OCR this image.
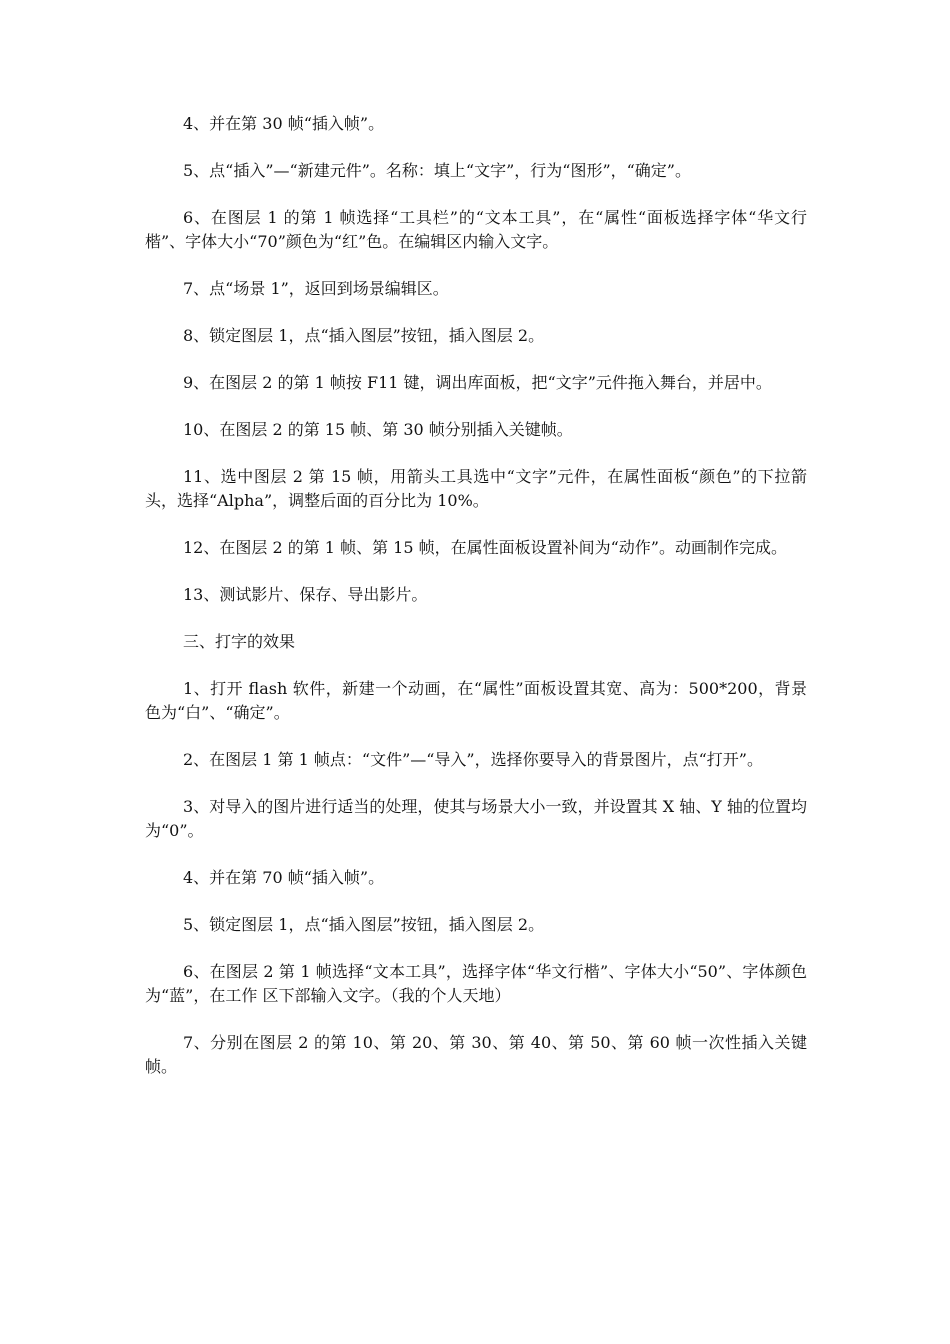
4、并在第 30 帧“插入帧”。

5、点“插入”—“新建元件”。名称：填上“文字”，行为“图形”，“确定”。

6、在图层 1 的第 1 帧选择“工具栏”的“文本工具”，在“属性“面板选择字体“华文行楷”、字体大小“70”颜色为“红”色。在编辑区内输入文字。

7、点“场景 1”，返回到场景编辑区。

8、锁定图层 1，点“插入图层”按钮，插入图层 2。

9、在图层 2 的第 1 帧按 F11 键，调出库面板，把“文字”元件拖入舞台，并居中。

10、在图层 2 的第 15 帧、第 30 帧分别插入关键帧。

11、选中图层 2 第 15 帧，用箭头工具选中“文字”元件，在属性面板“颜色”的下拉箭头，选择“Alpha”，调整后面的百分比为 10%。

12、在图层 2 的第 1 帧、第 15 帧，在属性面板设置补间为“动作”。动画制作完成。

13、测试影片、保存、导出影片。

三、打字的效果

1、打开 flash 软件，新建一个动画，在“属性”面板设置其宽、高为：500*200，背景 色为“白”、“确定”。

2、在图层 1 第 1 帧点：“文件”—“导入”，选择你要导入的背景图片，点“打开”。

3、对导入的图片进行适当的处理，使其与场景大小一致，并设置其 X 轴、Y 轴的位置均为“0”。

4、并在第 70 帧“插入帧”。

5、锁定图层 1，点“插入图层”按钮，插入图层 2。

6、在图层 2 第 1 帧选择“文本工具”，选择字体“华文行楷”、字体大小“50”、字体颜色为“蓝”，在工作 区下部输入文字。（我的个人天地）

7、分别在图层 2 的第 10、第 20、第 30、第 40、第 50、第 60 帧一次性插入关键帧。
